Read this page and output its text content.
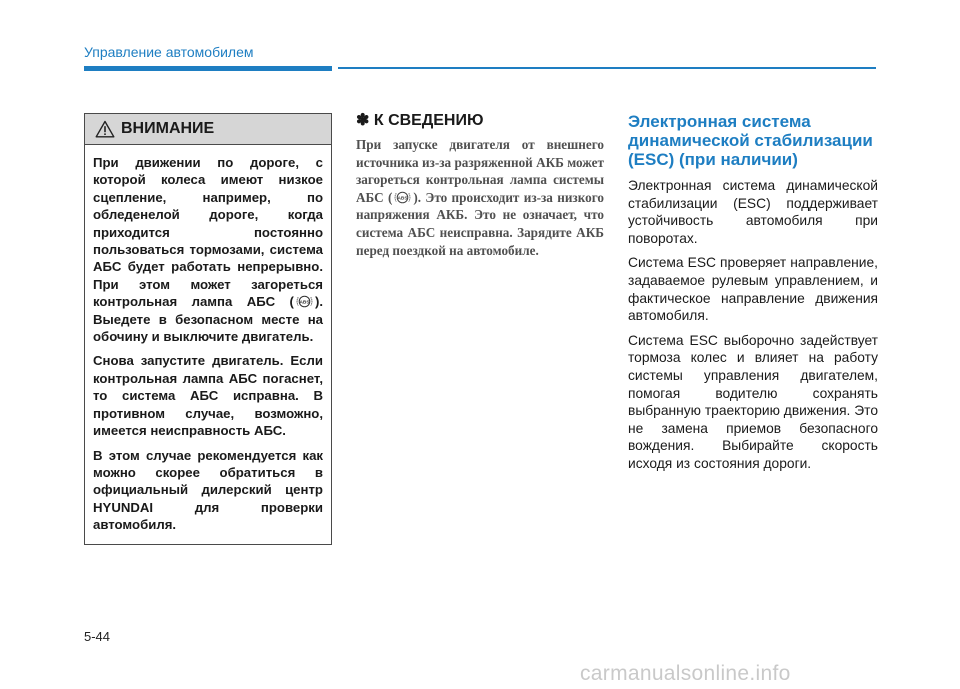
Управление автомобилем
ВНИМАНИЕ

При движении по дороге, с которой колеса имеют низкое сцепление, например, по обледенелой дороге, когда приходится постоянно пользоваться тормозами, система АБС будет работать непрерывно. При этом может загореться контрольная лампа АБС ( ABS ). Выедете в безопасном месте на обочину и выключите двигатель.

Снова запустите двигатель. Если контрольная лампа АБС погаснет, то система АБС исправна. В противном случае, возможно, имеется неисправность АБС.

В этом случае рекомендуется как можно скорее обратиться в официальный дилерский центр HYUNDAI для проверки автомобиля.

✽ К СВЕДЕНИЮ

При запуске двигателя от внешнего источника из-за разряженной АКБ может загореться контрольная лампа системы АБС ( ABS ). Это происходит из-за низкого напряжения АКБ. Это не означает, что система АБС неисправна. Зарядите АКБ перед поездкой на автомобиле.

Электронная система динамической стабилизации (ESC) (при наличии)

Электронная система динамической стабилизации (ESC) поддерживает устойчивость автомобиля при поворотах.

Система ESC проверяет направление, задаваемое рулевым управлением, и фактическое направление движения автомобиля.

Система ESC выборочно задействует тормоза колес и влияет на работу системы управления двигателем, помогая водителю сохранять выбранную траекторию движения. Это не замена приемов безопасного вождения. Выбирайте скорость исходя из состояния дороги.

5-44
carmanualsonline.info
